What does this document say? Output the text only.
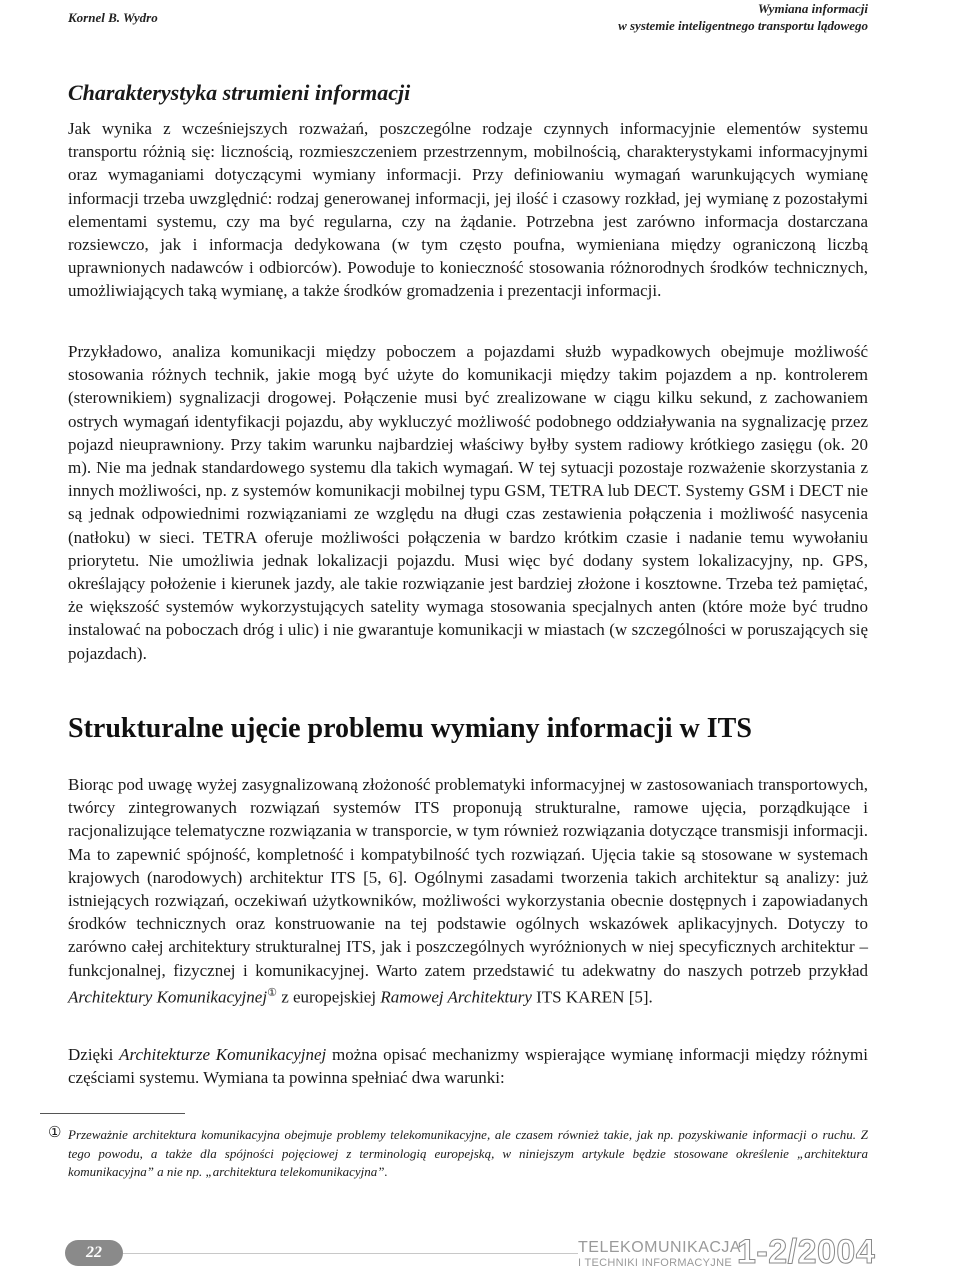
Kornel B. Wydro
Wymiana informacji
w systemie inteligentnego transportu lądowego
Charakterystyka strumieni informacji

Jak wynika z wcześniejszych rozważań, poszczególne rodzaje czynnych informacyjnie elementów systemu transportu różnią się: licznością, rozmieszczeniem przestrzennym, mobilnością, charakterystykami informacyjnymi oraz wymaganiami dotyczącymi wymiany informacji. Przy definiowaniu wymagań warunkujących wymianę informacji trzeba uwzględnić: rodzaj generowanej informacji, jej ilość i czasowy rozkład, jej wymianę z pozostałymi elementami systemu, czy ma być regularna, czy na żądanie. Potrzebna jest zarówno informacja dostarczana rozsiewczo, jak i informacja dedykowana (w tym często poufna, wymieniana między ograniczoną liczbą uprawnionych nadawców i odbiorców). Powoduje to konieczność stosowania różnorodnych środków technicznych, umożliwiających taką wymianę, a także środków gromadzenia i prezentacji informacji.

Przykładowo, analiza komunikacji między poboczem a pojazdami służb wypadkowych obejmuje możliwość stosowania różnych technik, jakie mogą być użyte do komunikacji między takim pojazdem a np. kontrolerem (sterownikiem) sygnalizacji drogowej. Połączenie musi być zrealizowane w ciągu kilku sekund, z zachowaniem ostrych wymagań identyfikacji pojazdu, aby wykluczyć możliwość podobnego oddziaływania na sygnalizację przez pojazd nieuprawniony. Przy takim warunku najbardziej właściwy byłby system radiowy krótkiego zasięgu (ok. 20 m). Nie ma jednak standardowego systemu dla takich wymagań. W tej sytuacji pozostaje rozważenie skorzystania z innych możliwości, np. z systemów komunikacji mobilnej typu GSM, TETRA lub DECT. Systemy GSM i DECT nie są jednak odpowiednimi rozwiązaniami ze względu na długi czas zestawienia połączenia i możliwość nasycenia (natłoku) w sieci. TETRA oferuje możliwości połączenia w bardzo krótkim czasie i nadanie temu wywołaniu priorytetu. Nie umożliwia jednak lokalizacji pojazdu. Musi więc być dodany system lokalizacyjny, np. GPS, określający położenie i kierunek jazdy, ale takie rozwiązanie jest bardziej złożone i kosztowne. Trzeba też pamiętać, że większość systemów wykorzystujących satelity wymaga stosowania specjalnych anten (które może być trudno instalować na poboczach dróg i ulic) i nie gwarantuje komunikacji w miastach (w szczególności w poruszających się pojazdach).

Strukturalne ujęcie problemu wymiany informacji w ITS

Biorąc pod uwagę wyżej zasygnalizowaną złożoność problematyki informacyjnej w zastosowaniach transportowych, twórcy zintegrowanych rozwiązań systemów ITS proponują strukturalne, ramowe ujęcia, porządkujące i racjonalizujące telematyczne rozwiązania w transporcie, w tym również rozwiązania dotyczące transmisji informacji. Ma to zapewnić spójność, kompletność i kompatybilność tych rozwiązań. Ujęcia takie są stosowane w systemach krajowych (narodowych) architektur ITS [5, 6]. Ogólnymi zasadami tworzenia takich architektur są analizy: już istniejących rozwiązań, oczekiwań użytkowników, możliwości wykorzystania obecnie dostępnych i zapowiadanych środków technicznych oraz konstruowanie na tej podstawie ogólnych wskazówek aplikacyjnych. Dotyczy to zarówno całej architektury strukturalnej ITS, jak i poszczególnych wyróżnionych w niej specyficznych architektur – funkcjonalnej, fizycznej i komunikacyjnej. Warto zatem przedstawić tu adekwatny do naszych potrzeb przykład Architektury Komunikacyjnej① z europejskiej Ramowej Architektury ITS KAREN [5].

Dzięki Architekturze Komunikacyjnej można opisać mechanizmy wspierające wymianę informacji między różnymi częściami systemu. Wymiana ta powinna spełniać dwa warunki:

① Przeważnie architektura komunikacyjna obejmuje problemy telekomunikacyjne, ale czasem również takie, jak np. pozyskiwanie informacji o ruchu. Z tego powodu, a także dla spójności pojęciowej z terminologią europejską, w niniejszym artykule będzie stosowane określenie „architektura komunikacyjna” a nie np. „architektura telekomunikacyjna”.

22	TELEKOMUNIKACJA
I TECHNIKI INFORMACYJNE 1-2/2004
